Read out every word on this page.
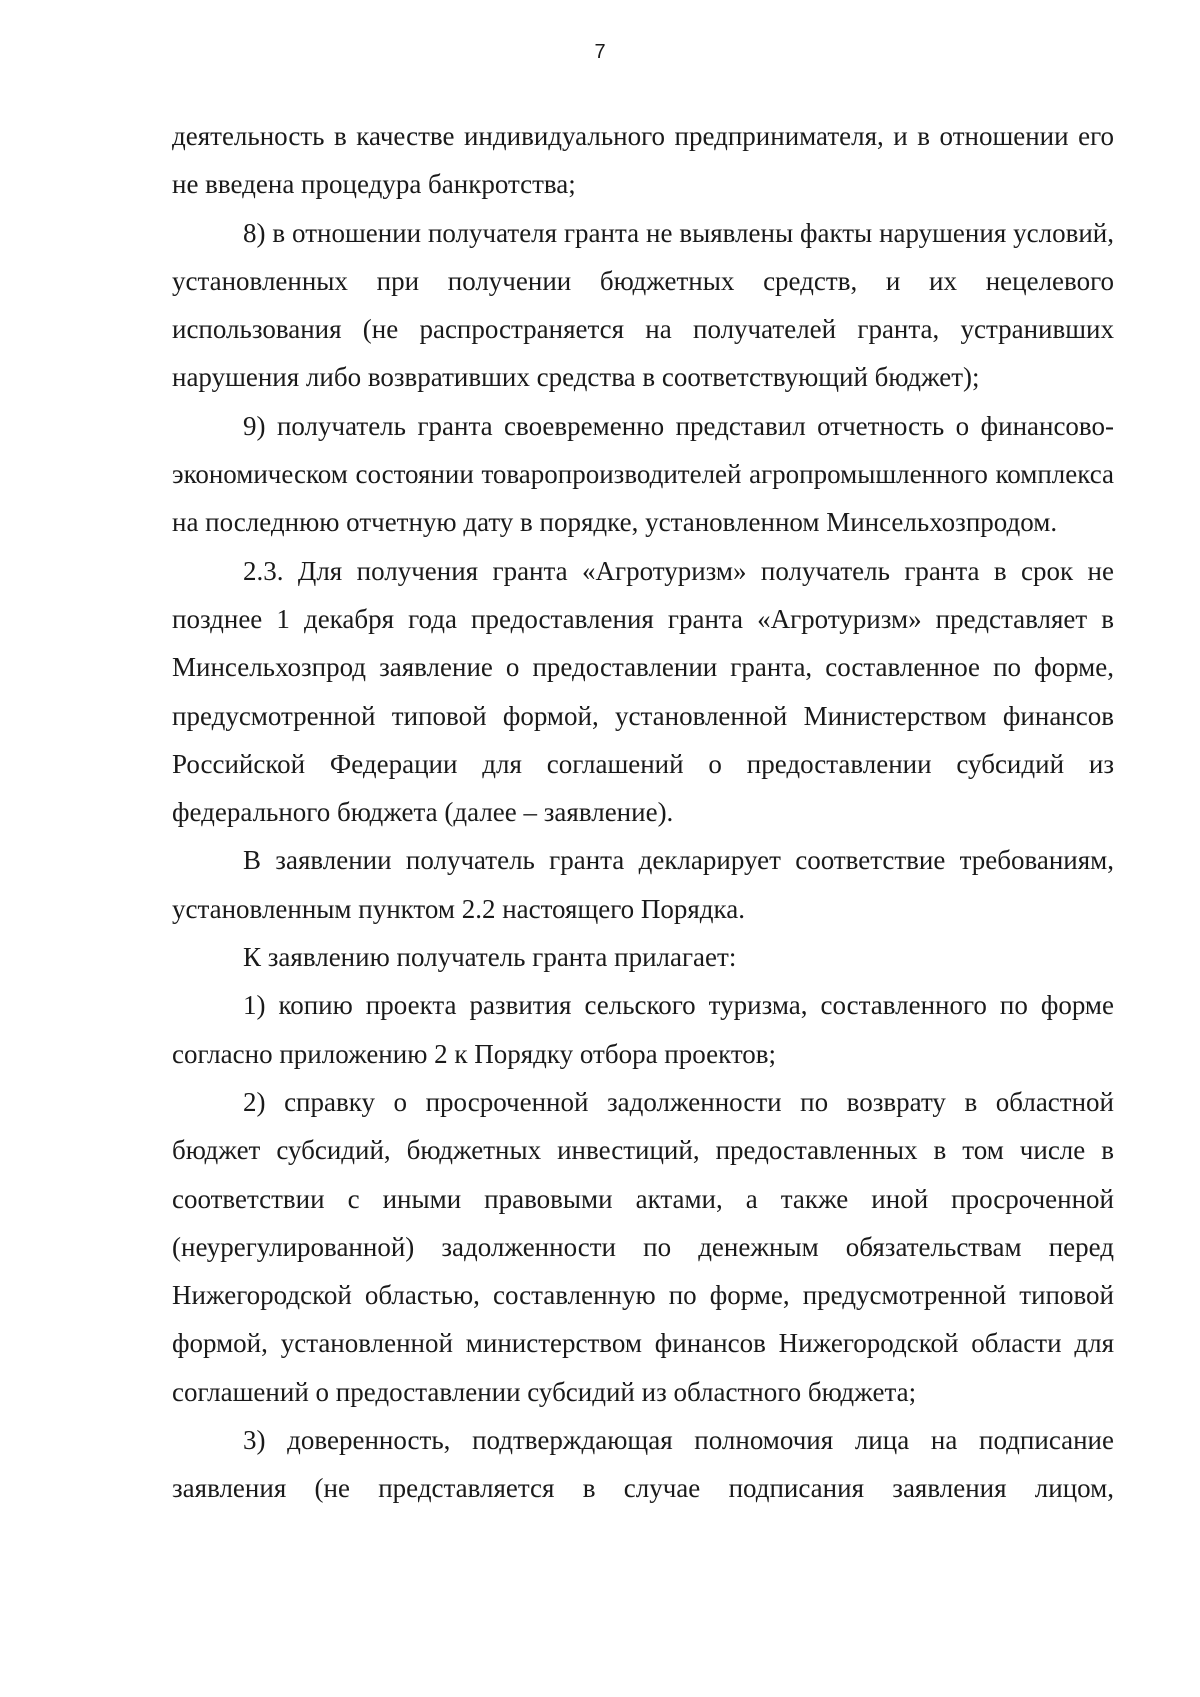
7

деятельность в качестве индивидуального предпринимателя, и в отношении его не введена процедура банкротства;

8) в отношении получателя гранта не выявлены факты нарушения условий, установленных при получении бюджетных средств, и их нецелевого использования (не распространяется на получателей гранта, устранивших нарушения либо возвративших средства в соответствующий бюджет);

9) получатель гранта своевременно представил отчетность о финансово-экономическом состоянии товаропроизводителей агропромышленного комплекса на последнюю отчетную дату в порядке, установленном Минсельхозпродом.

2.3. Для получения гранта «Агротуризм» получатель гранта в срок не позднее 1 декабря года предоставления гранта «Агротуризм» представляет в Минсельхозпрод заявление о предоставлении гранта, составленное по форме, предусмотренной типовой формой, установленной Министерством финансов Российской Федерации для соглашений о предоставлении субсидий из федерального бюджета (далее – заявление).

В заявлении получатель гранта декларирует соответствие требованиям, установленным пунктом 2.2 настоящего Порядка.

К заявлению получатель гранта прилагает:

1) копию проекта развития сельского туризма, составленного по форме согласно приложению 2 к Порядку отбора проектов;

2) справку о просроченной задолженности по возврату в областной бюджет субсидий, бюджетных инвестиций, предоставленных в том числе в соответствии с иными правовыми актами, а также иной просроченной (неурегулированной) задолженности по денежным обязательствам перед Нижегородской областью, составленную по форме, предусмотренной типовой формой, установленной министерством финансов Нижегородской области для соглашений о предоставлении субсидий из областного бюджета;

3) доверенность, подтверждающая полномочия лица на подписание заявления (не представляется в случае подписания заявления лицом,
